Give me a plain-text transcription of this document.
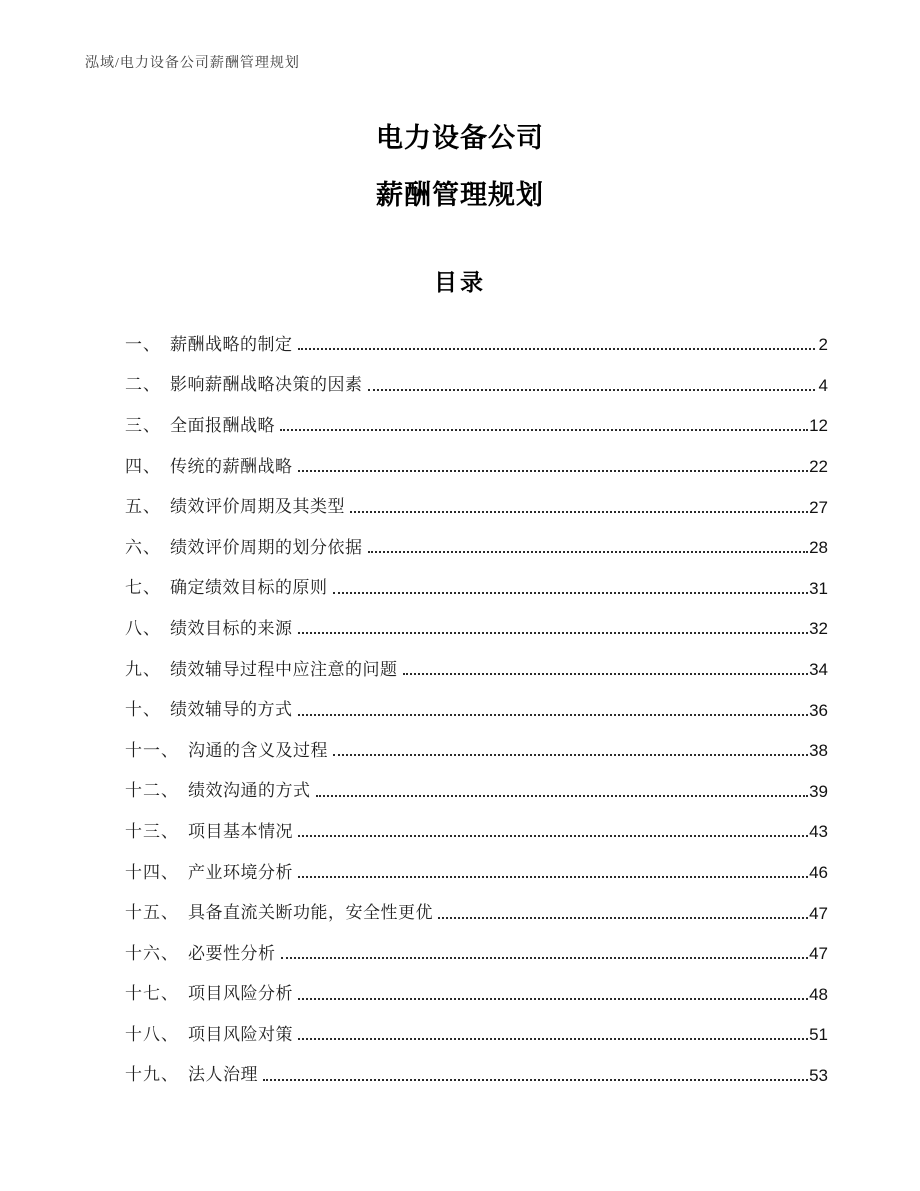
泓域/电力设备公司薪酬管理规划
电力设备公司
薪酬管理规划
目录
一、 薪酬战略的制定	2
二、 影响薪酬战略决策的因素	4
三、 全面报酬战略	12
四、 传统的薪酬战略	22
五、 绩效评价周期及其类型	27
六、 绩效评价周期的划分依据	28
七、 确定绩效目标的原则	31
八、 绩效目标的来源	32
九、 绩效辅导过程中应注意的问题	34
十、 绩效辅导的方式	36
十一、 沟通的含义及过程	38
十二、 绩效沟通的方式	39
十三、 项目基本情况	43
十四、 产业环境分析	46
十五、 具备直流关断功能，安全性更优	47
十六、 必要性分析	47
十七、 项目风险分析	48
十八、 项目风险对策	51
十九、 法人治理	53
